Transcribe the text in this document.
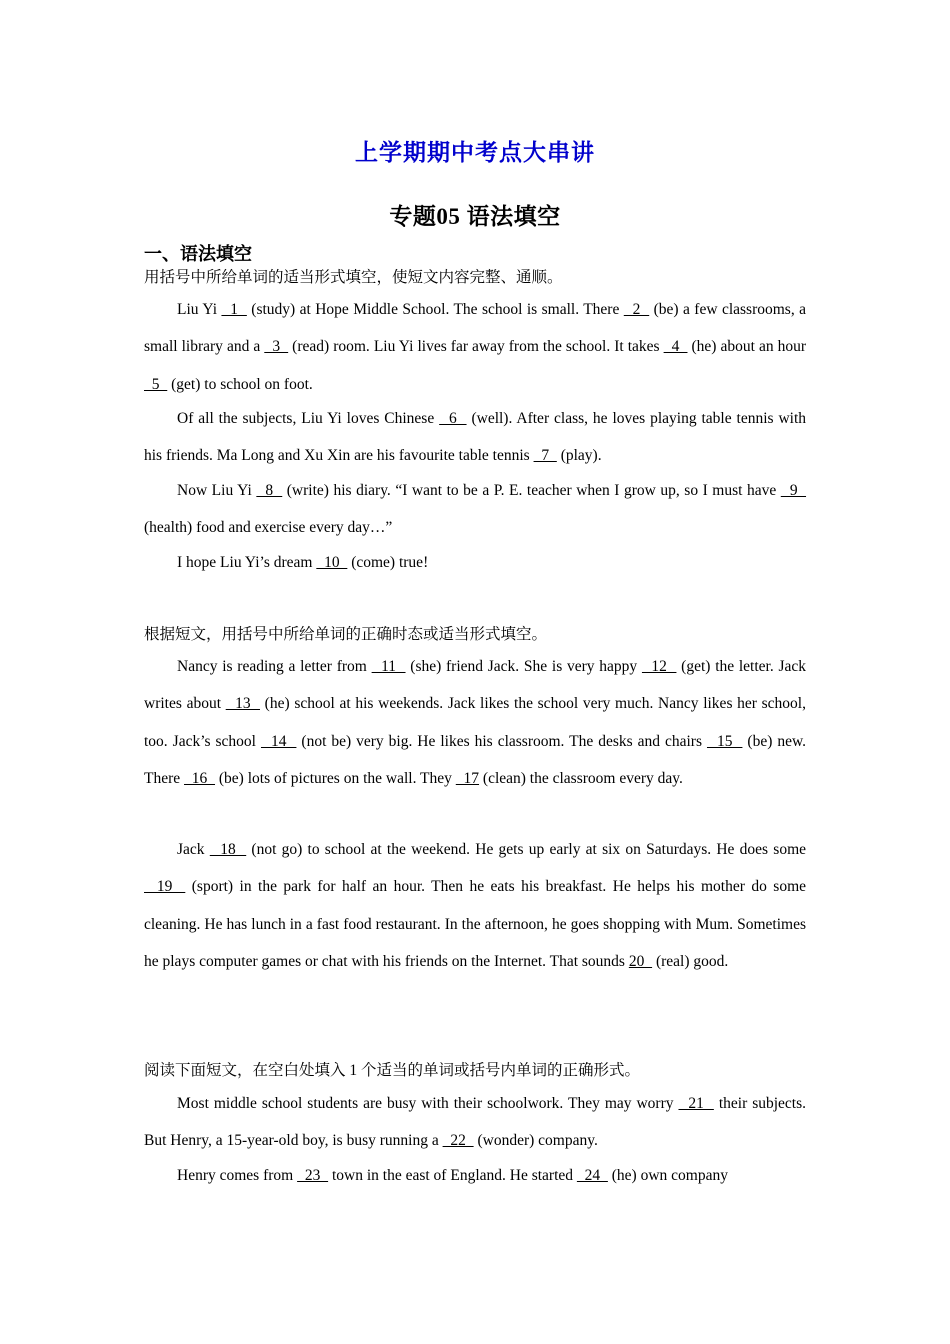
上学期期中考点大串讲
专题05 语法填空
一、语法填空
用括号中所给单词的适当形式填空，使短文内容完整、通顺。

Liu Yi   1   (study) at Hope Middle School. The school is small. There   2   (be) a few classrooms, a small library and a   3   (read) room. Liu Yi lives far away from the school. It takes   4   (he) about an hour   5   (get) to school on foot.

Of all the subjects, Liu Yi loves Chinese   6   (well). After class, he loves playing table tennis with his friends. Ma Long and Xu Xin are his favourite table tennis   7   (play).

Now Liu Yi   8   (write) his diary. “I want to be a P. E. teacher when I grow up, so I must have   9   (health) food and exercise every day…”

I hope Liu Yi’s dream   10   (come) true!

根据短文，用括号中所给单词的正确时态或适当形式填空。

Nancy is reading a letter from   11   (she) friend Jack. She is very happy   12   (get) the letter. Jack writes about   13   (he) school at his weekends. Jack likes the school very much. Nancy likes her school, too. Jack’s school   14   (not be) very big. He likes his classroom. The desks and chairs   15   (be) new. There   16   (be) lots of pictures on the wall. They   17 (clean) the classroom every day.

Jack   18   (not go) to school at the weekend. He gets up early at six on Saturdays. He does some   19   (sport) in the park for half an hour. Then he eats his breakfast. He helps his mother do some cleaning. He has lunch in a fast food restaurant. In the afternoon, he goes shopping with Mum. Sometimes he plays computer games or chat with his friends on the Internet. That sounds 20   (real) good.

阅读下面短文，在空白处填入 1 个适当的单词或括号内单词的正确形式。

Most middle school students are busy with their schoolwork. They may worry   21   their subjects. But Henry, a 15-year-old boy, is busy running a   22   (wonder) company.

Henry comes from   23   town in the east of England. He started   24   (he) own company
